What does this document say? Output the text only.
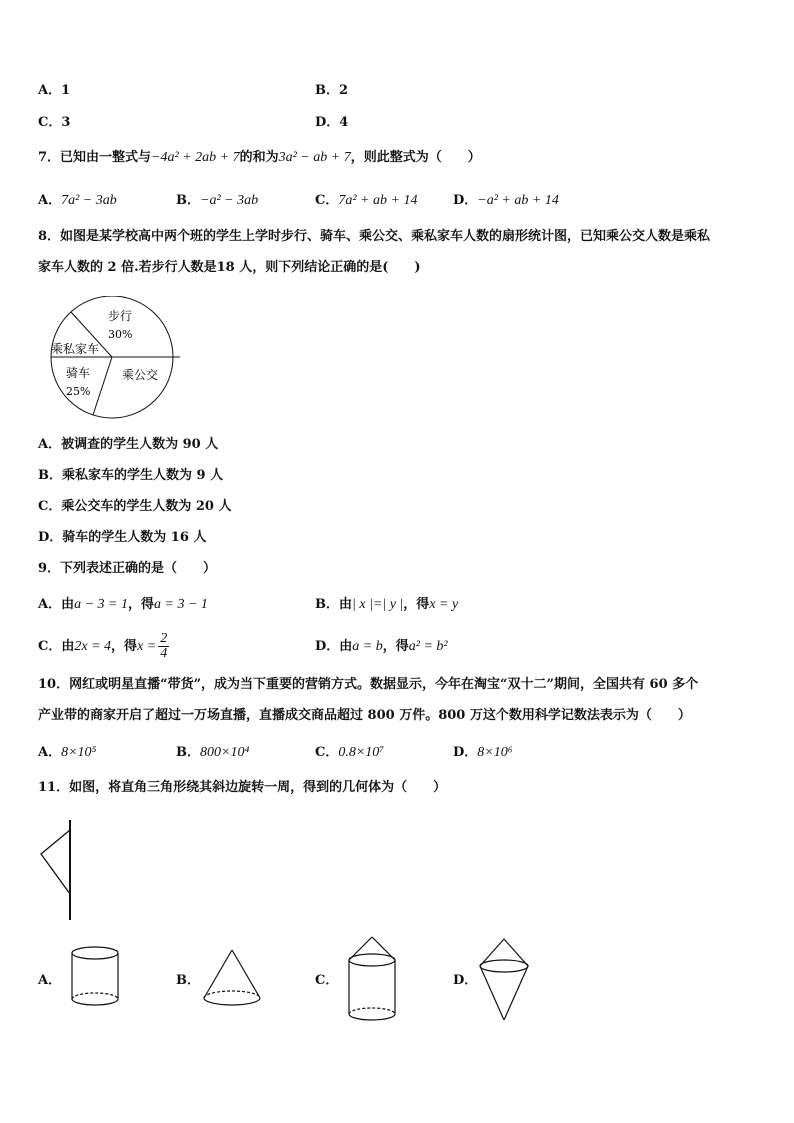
A．1	B．2
C．3	D．4
7．已知由一整式与−4a² + 2ab + 7的和为3a² − ab + 7，则此整式为（　　）
A．7a² − 3ab	B．−a² − 3ab	C．7a² + ab + 14	D．−a² + ab + 14
8．如图是某学校高中两个班的学生上学时步行、骑车、乘公交、乘私家车人数的扇形统计图，已知乘公交人数是乘私
家车人数的 2 倍.若步行人数是18 人，则下列结论正确的是(　　)
步行
30%
乘私家车
骑车
25%
乘公交
A．被调查的学生人数为 90 人
B．乘私家车的学生人数为 9 人
C．乘公交车的学生人数为 20 人
D．骑车的学生人数为 16 人
9．下列表述正确的是（　　）
A．由a − 3 = 1，得a = 3 − 1	B．由| x |=| y |，得x = y
C．由2x = 4，得$x = \frac{2}{4}$	D．由a = b，得a² = b²
10．网红或明星直播“带货”，成为当下重要的营销方式。数据显示，今年在淘宝“双十二”期间，全国共有 60 多个
产业带的商家开启了超过一万场直播，直播成交商品超过 800 万件。800 万这个数用科学记数法表示为（　　）
A．8×10⁵	B．800×10⁴	C．0.8×10⁷	D．8×10⁶
11．如图，将直角三角形绕其斜边旋转一周，得到的几何体为（　　）
A．	B．	C．	D．
